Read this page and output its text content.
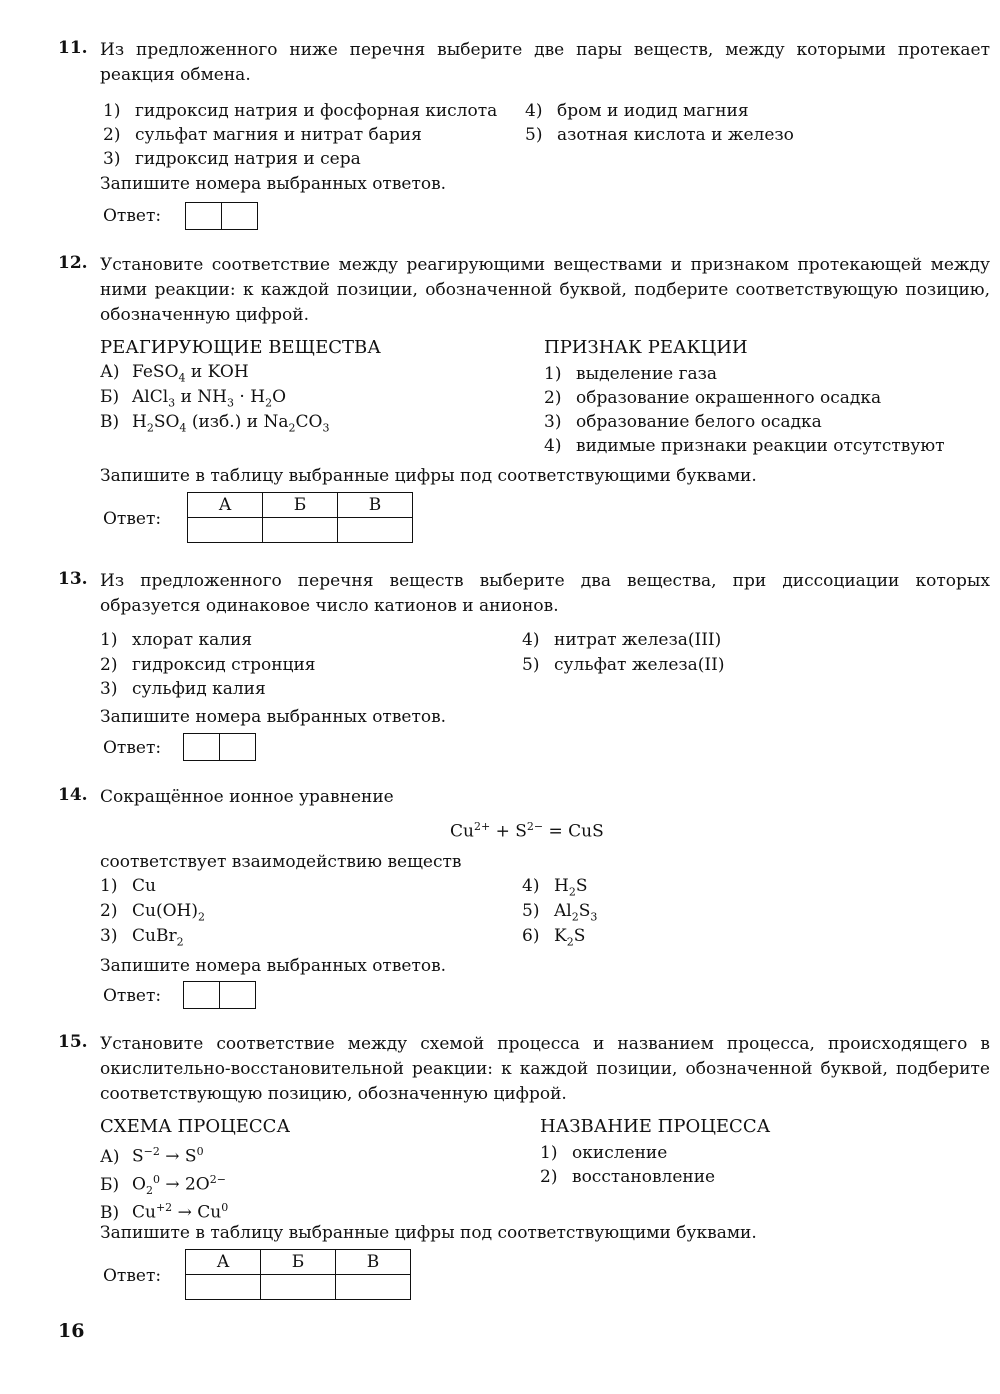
11. Из предложенного ниже перечня выберите две пары веществ, между которыми протекает реакция обмена.
1) гидроксид натрия и фосфорная кислота
2) сульфат магния и нитрат бария
3) гидроксид натрия и сера
4) бром и иодид магния
5) азотная кислота и железо
Запишите номера выбранных ответов.
Ответ:
12. Установите соответствие между реагирующими веществами и признаком протекающей между ними реакции: к каждой позиции, обозначенной буквой, подберите соответствующую позицию, обозначенную цифрой.
РЕАГИРУЮЩИЕ ВЕЩЕСТВА	ПРИЗНАК РЕАКЦИИ
А) FeSO$_4$ и KOH
Б) AlCl$_3$ и $NH_3 \cdot H_2O$
В) $H_2SO_4$ (изб.) и $Na_2CO_3$
1) выделение газа
2) образование окрашенного осадка
3) образование белого осадка
4) видимые признаки реакции отсутствуют
Запишите в таблицу выбранные цифры под соответствующими буквами.
Ответ:
А	Б	В

13. Из предложенного перечня веществ выберите два вещества, при диссоциации которых образуется одинаковое число катионов и анионов.
1) хлорат калия
2) гидроксид стронция
3) сульфид калия
4) нитрат железа(III)
5) сульфат железа(II)
Запишите номера выбранных ответов.
Ответ:
14. Сокращённое ионное уравнение
$Cu^{2+} + S^{2-}$ = CuS
соответствует взаимодействию веществ
1) Cu
2) $Cu(OH)_2$
3) CuBr$_2$
4) $H_2S$
5) $Al_2S_3$
6) $K_2S$
Запишите номера выбранных ответов.
Ответ:
15. Установите соответствие между схемой процесса и названием процесса, происходящего в окислительно-восстановительной реакции: к каждой позиции, обозначенной буквой, подберите соответствующую позицию, обозначенную цифрой.
СХЕМА ПРОЦЕССА	НАЗВАНИЕ ПРОЦЕССА
А) $S^{-2} \to S^0$
Б) $O_2^0 \to 2O^{2-}$
В) $Cu^{+2} \to Cu^0$
1) окисление
2) восстановление
Запишите в таблицу выбранные цифры под соответствующими буквами.
Ответ:
А	Б	В

16
